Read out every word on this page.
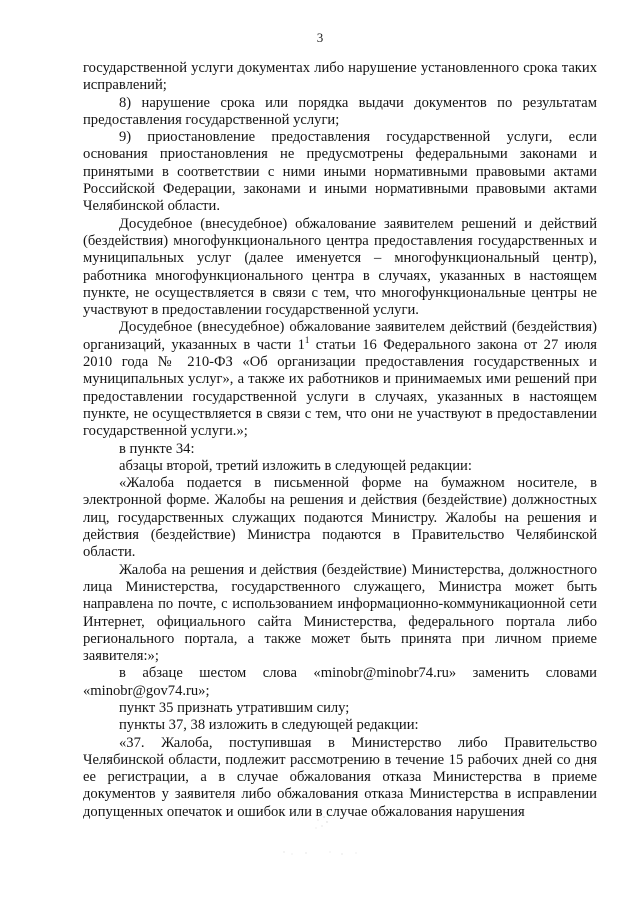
3

государственной услуги документах либо нарушение установленного срока таких исправлений;

8) нарушение срока или порядка выдачи документов по результатам предоставления государственной услуги;

9) приостановление предоставления государственной услуги, если основания приостановления не предусмотрены федеральными законами и принятыми в соответствии с ними иными нормативными правовыми актами Российской Федерации, законами и иными нормативными правовыми актами Челябинской области.

Досудебное (внесудебное) обжалование заявителем решений и действий (бездействия) многофункционального центра предоставления государственных и муниципальных услуг (далее именуется – многофункциональный центр), работника многофункционального центра в случаях, указанных в настоящем пункте, не осуществляется в связи с тем, что многофункциональные центры не участвуют в предоставлении государственной услуги.

Досудебное (внесудебное) обжалование заявителем действий (бездействия) организаций, указанных в части $1^1$ статьи 16 Федерального закона от 27 июля 2010 года № 210-ФЗ «Об организации предоставления государственных и муниципальных услуг», а также их работников и принимаемых ими решений при предоставлении государственной услуги в случаях, указанных в настоящем пункте, не осуществляется в связи с тем, что они не участвуют в предоставлении государственной услуги.»;

в пункте 34:

абзацы второй, третий изложить в следующей редакции:

«Жалоба подается в письменной форме на бумажном носителе, в электронной форме. Жалобы на решения и действия (бездействие) должностных лиц, государственных служащих подаются Министру. Жалобы на решения и действия (бездействие) Министра подаются в Правительство Челябинской области.

Жалоба на решения и действия (бездействие) Министерства, должностного лица Министерства, государственного служащего, Министра может быть направлена по почте, с использованием информационно-коммуникационной сети Интернет, официального сайта Министерства, федерального портала либо регионального портала, а также может быть принята при личном приеме заявителя:»;

в абзаце шестом слова «minobr@minobr74.ru» заменить словами «minobr@gov74.ru»;

пункт 35 признать утратившим силу;

пункты 37, 38 изложить в следующей редакции:

«37. Жалоба, поступившая в Министерство либо Правительство Челябинской области, подлежит рассмотрению в течение 15 рабочих дней со дня ее регистрации, а в случае обжалования отказа Министерства в приеме документов у заявителя либо обжалования отказа Министерства в исправлении допущенных опечаток и ошибок или в случае обжалования нарушения
